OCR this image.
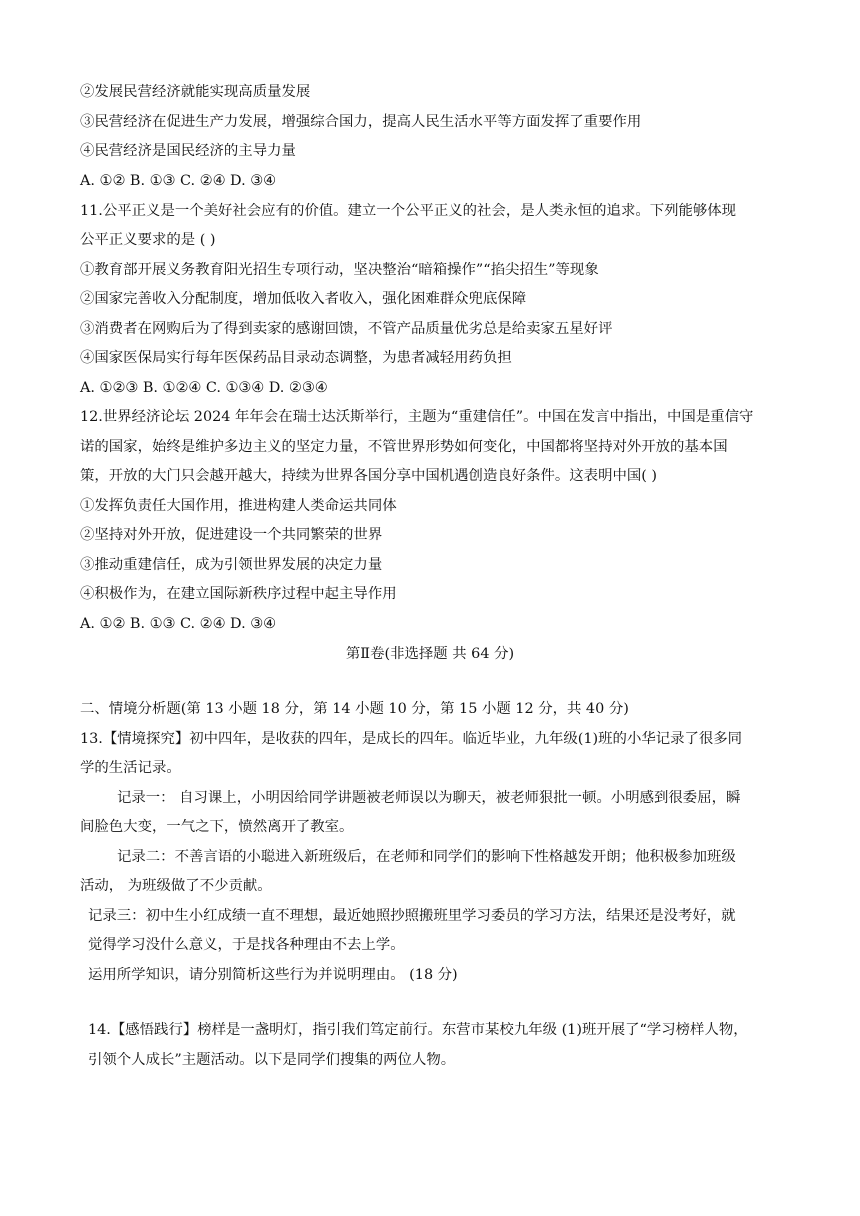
②发展民营经济就能实现高质量发展
③民营经济在促进生产力发展，增强综合国力，提高人民生活水平等方面发挥了重要作用
④民营经济是国民经济的主导力量
A. ①② B. ①③ C. ②④ D. ③④
11.公平正义是一个美好社会应有的价值。建立一个公平正义的社会，是人类永恒的追求。下列能够体现
公平正义要求的是 ( )
①教育部开展义务教育阳光招生专项行动，坚决整治“暗箱操作”“掐尖招生”等现象
②国家完善收入分配制度，增加低收入者收入，强化困难群众兜底保障
③消费者在网购后为了得到卖家的感谢回馈，不管产品质量优劣总是给卖家五星好评
④国家医保局实行每年医保药品目录动态调整，为患者减轻用药负担
A. ①②③ B. ①②④ C. ①③④ D. ②③④
12.世界经济论坛 2024 年年会在瑞士达沃斯举行，主题为“重建信任”。中国在发言中指出，中国是重信守
诺的国家，始终是维护多边主义的坚定力量，不管世界形势如何变化，中国都将坚持对外开放的基本国
策，开放的大门只会越开越大，持续为世界各国分享中国机遇创造良好条件。这表明中国( )
①发挥负责任大国作用，推进构建人类命运共同体
②坚持对外开放，促进建设一个共同繁荣的世界
③推动重建信任，成为引领世界发展的决定力量
④积极作为，在建立国际新秩序过程中起主导作用
A. ①② B. ①③ C. ②④ D. ③④
第Ⅱ卷(非选择题 共 64 分)
二、情境分析题(第 13 小题 18 分，第 14 小题 10 分，第 15 小题 12 分，共 40 分)
13.【情境探究】初中四年，是收获的四年，是成长的四年。临近毕业，九年级(1)班的小华记录了很多同
学的生活记录。
记录一： 自习课上，小明因给同学讲题被老师误以为聊天，被老师狠批一顿。小明感到很委屈，瞬
间脸色大变，一气之下，愤然离开了教室。
记录二：不善言语的小聪进入新班级后，在老师和同学们的影响下性格越发开朗；他积极参加班级
活动， 为班级做了不少贡献。
记录三：初中生小红成绩一直不理想，最近她照抄照搬班里学习委员的学习方法，结果还是没考好，就
觉得学习没什么意义，于是找各种理由不去上学。
运用所学知识，请分别简析这些行为并说明理由。 (18 分)
14.【感悟践行】榜样是一盏明灯，指引我们笃定前行。东营市某校九年级 (1)班开展了“学习榜样人物，
引领个人成长”主题活动。以下是同学们搜集的两位人物。
